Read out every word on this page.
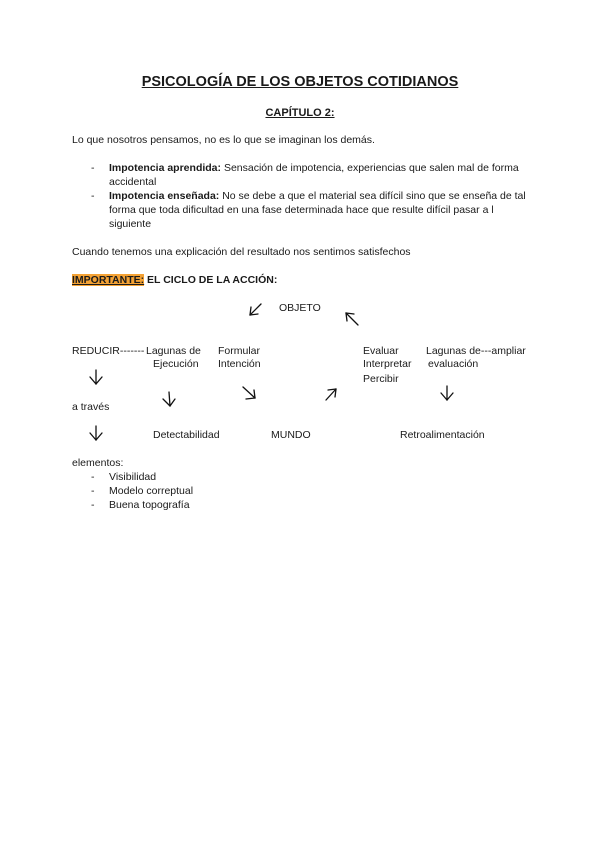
PSICOLOGÍA DE LOS OBJETOS COTIDIANOS
CAPÍTULO 2:
Lo que nosotros pensamos, no es lo que se imaginan los demás.
- Impotencia aprendida: Sensación de impotencia, experiencias que salen mal de forma
accidental
- Impotencia enseñada: No se debe a que el material sea difícil sino que se enseña de tal
forma que toda dificultad en una fase determinada hace que resulte difícil pasar a l
siguiente
Cuando tenemos una explicación del resultado nos sentimos satisfechos
IMPORTANTE: EL CICLO DE LA ACCIÓN:
OBJETO
REDUCIR------- Lagunas de
Ejecución
Formular
Intención
Evaluar
Interpretar
Percibir
Lagunas de---ampliar
evaluación
a través
Detectabilidad	MUNDO	Retroalimentación
elementos:
- Visibilidad
- Modelo correptual
- Buena topografía
